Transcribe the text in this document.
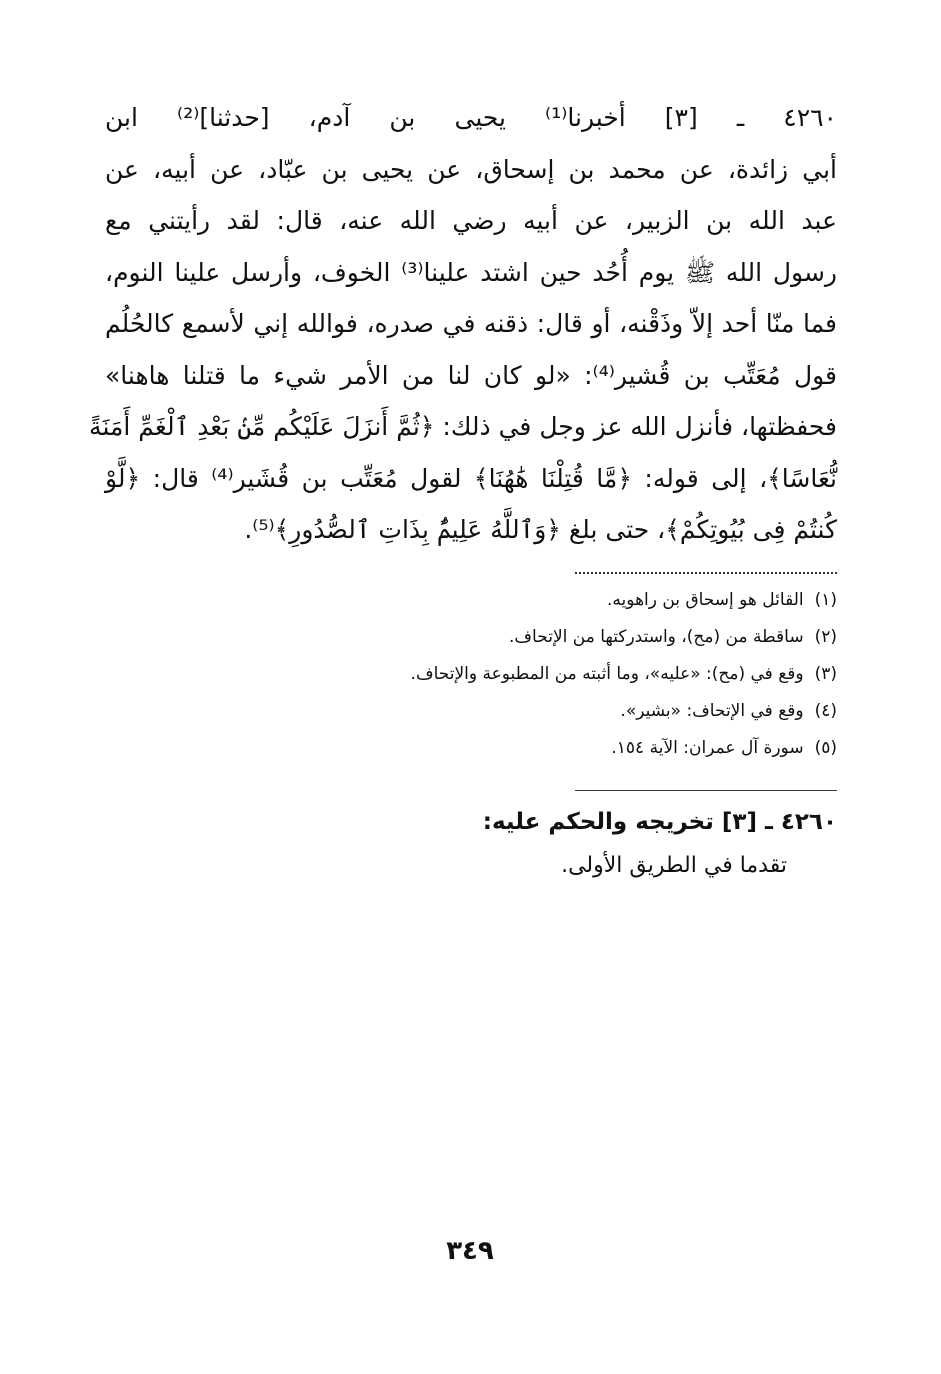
٤٢٦٠ ـ [٣] أخبرنا⁽¹⁾ يحيى بن آدم، [حدثنا]⁽²⁾ ابن
أبي زائدة، عن محمد بن إسحاق، عن يحيى بن عبّاد، عن أبيه، عن
عبد الله بن الزبير، عن أبيه رضي الله عنه، قال: لقد رأيتني مع
رسول الله ﷺ يوم أُحُد حين اشتد علينا⁽³⁾ الخوف، وأرسل علينا النوم،
فما منّا أحد إلاّ وذَقْنه، أو قال: ذقنه في صدره، فوالله إني لأسمع كالحُلُم
قول مُعَتِّب بن قُشير⁽⁴⁾: «لو كان لنا من الأمر شيء ما قتلنا هاهنا»
فحفظتها، فأنزل الله عز وجل في ذلك: ﴿ثُمَّ أَنزَلَ عَلَيْكُم مِّنۢ بَعْدِ ٱلْغَمِّ أَمَنَةً
نُّعَاسًا﴾، إلى قوله: ﴿مَّا قُتِلْنَا هَٰهُنَا﴾ لقول مُعَتِّب بن قُشَير⁽⁴⁾ قال: ﴿لَّوْ
كُنتُمْ فِى بُيُوتِكُمْ﴾، حتى بلغ ﴿وَٱللَّهُ عَلِيمٌۢ بِذَاتِ ٱلصُّدُورِ﴾⁽⁵⁾.
(١) القائل هو إسحاق بن راهويه.
(٢) ساقطة من (مح)، واستدركتها من الإتحاف.
(٣) وقع في (مح): «عليه»، وما أثبته من المطبوعة والإتحاف.
(٤) وقع في الإتحاف: «بشير».
(٥) سورة آل عمران: الآية ١٥٤.
٤٢٦٠ ـ [٣] تخريجه والحكم عليه:
تقدما في الطريق الأولى.
٣٤٩
